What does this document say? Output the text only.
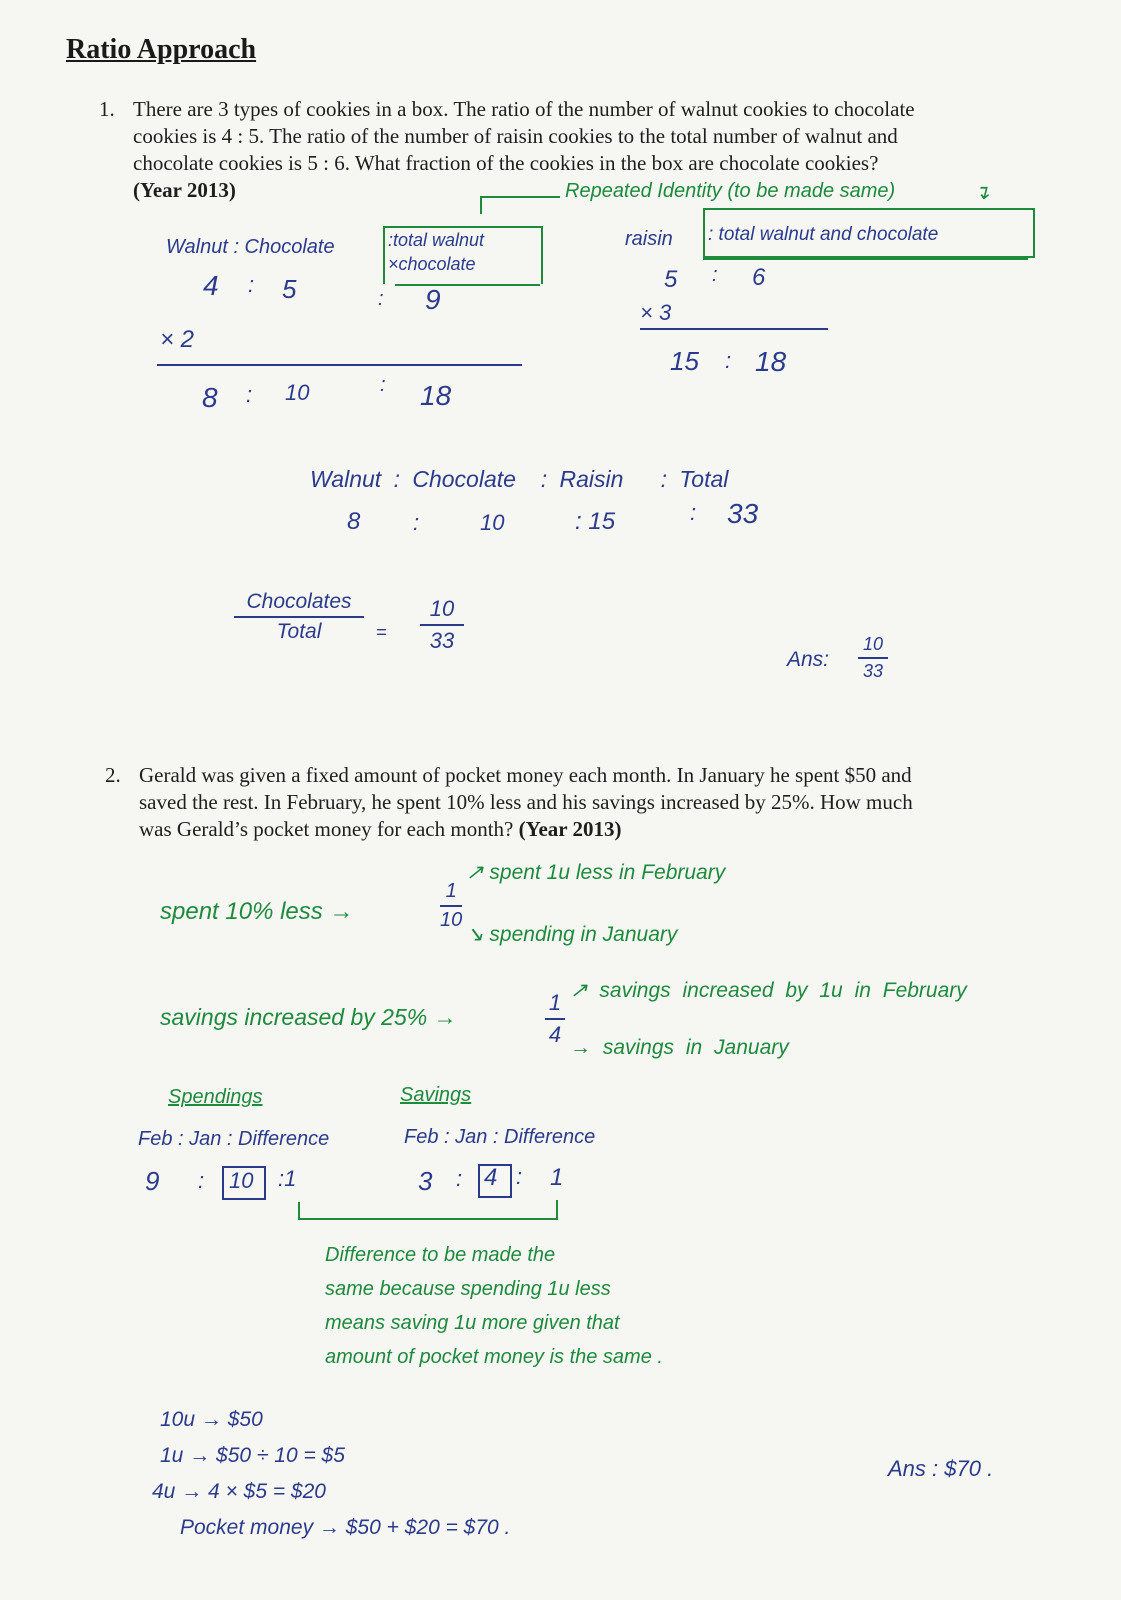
Ratio Approach
1. There are 3 types of cookies in a box. The ratio of the number of walnut cookies to chocolate
cookies is 4 : 5. The ratio of the number of raisin cookies to the total number of walnut and
chocolate cookies is 5 : 6. What fraction of the cookies in the box are chocolate cookies?
(Year 2013)	Repeated Identity (to be made same)	↴
Walnut : Chocolate	:total walnut
×chocolate
4 : 5	: 9
× 2
8 : 10	: 18
raisin : total walnut and chocolate
5 : 6
× 3
15 : 18
Walnut : Chocolate : Raisin : Total
8 :	10	: 15	: 33
$\frac{\text{Chocolates}}{\text{Total}} = \frac{10}{33}$
Ans: $\frac{10}{33}$
2. Gerald was given a fixed amount of pocket money each month. In January he spent $50 and
saved the rest. In February, he spent 10% less and his savings increased by 25%. How much
was Gerald’s pocket money for each month? (Year 2013)
spent 10% less →	$\frac{1}{10}$
↗ spent 1u less in February
↘ spending in January
savings increased by 25% →	$\frac{1}{4}$ ↗ savings increased by 1u in February
→ savings in January
Spendings
Feb : Jan : Difference
9 : 10 :1
Savings
Feb : Jan : Difference
3 : 4 : 1
Difference to be made the
same because spending 1u less
means saving 1u more given that
amount of pocket money is the same .
10u → $50
1u → $50 ÷ 10 = $5
4u → 4 × $5 = $20
Pocket money → $50 + $20 = $70 .
Ans : $70 .
